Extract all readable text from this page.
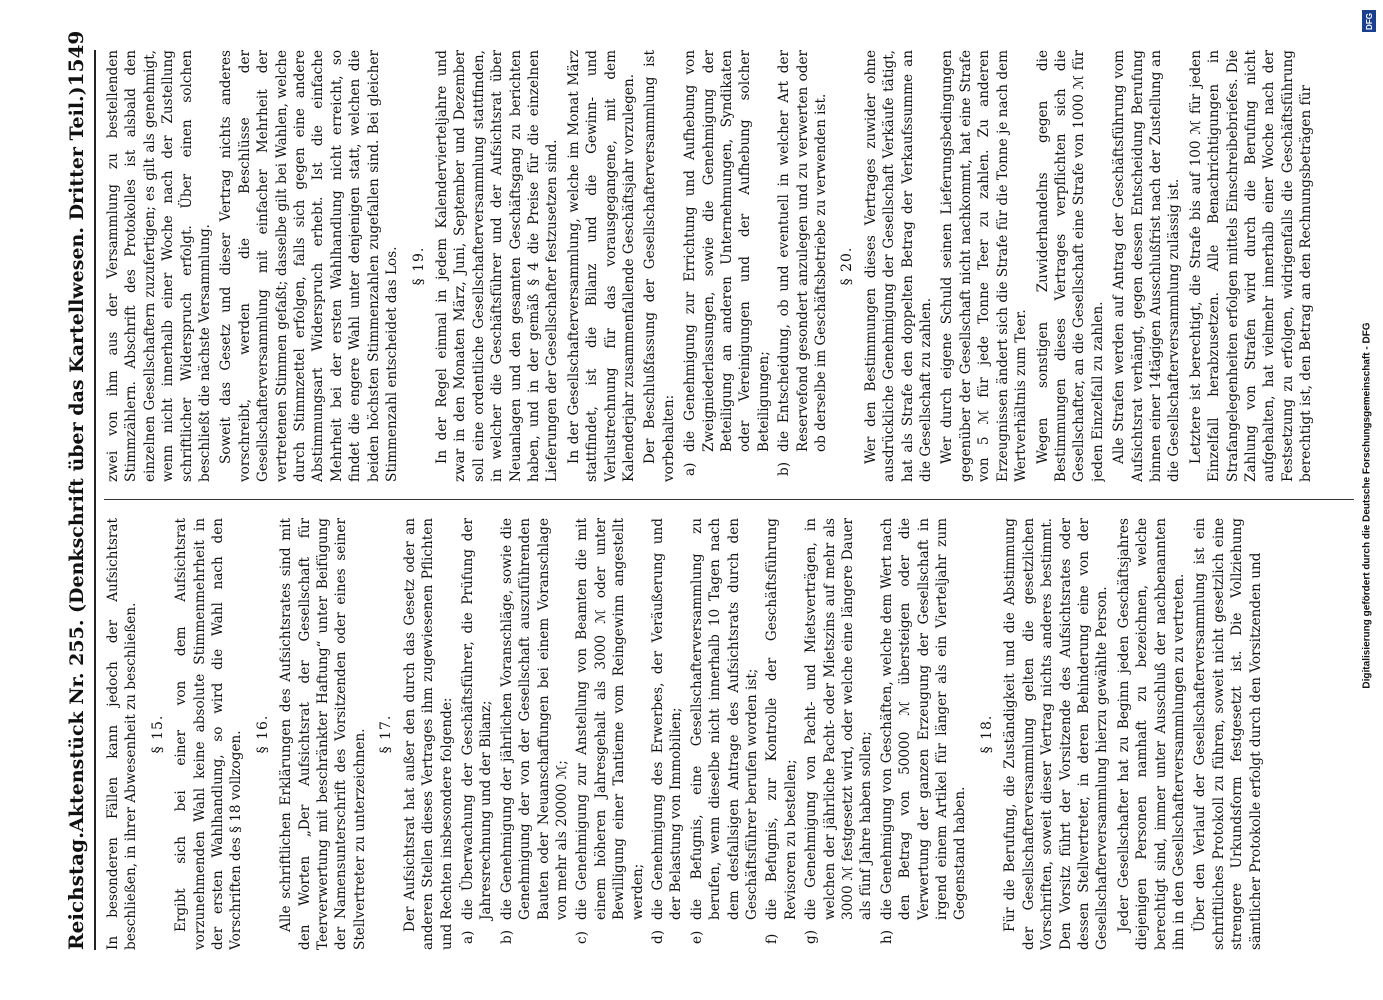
Reichstag.
Aktenstück Nr. 255. (Denkschrift über das Kartellwesen. Dritter Teil.)
1549

In besonderen Fällen kann jedoch der Aufsichtsrat beschließen, in ihrer Abwesenheit zu beschließen. § 15. Ergibt sich bei einer von dem Aufsichtsrat vorzunehmenden Wahl keine absolute Stimmenmehrheit in der ersten Wahlhandlung, so wird die Wahl nach den Vorschriften des § 18 vollzogen. § 16. Alle schriftlichen Erklärungen des Aufsichtsrates sind mit den Worten „Der Aufsichtsrat der Gesellschaft für Teerverwertung mit beschränkter Haftung“ unter Beifügung der Namensunterschrift des Vorsitzenden oder eines seiner Stellvertreter zu unterzeichnen. § 17. Der Aufsichtsrat hat außer den durch das Gesetz oder an anderen Stellen dieses Vertrages ihm zugewiesenen Pflichten und Rechten insbesondere folgende: a)
die Überwachung der Geschäftsführer, die Prüfung der Jahresrechnung und der Bilanz;
b)
die Genehmigung der jährlichen Voranschläge, sowie die Genehmigung der von der Gesellschaft auszuführenden Bauten oder Neuanschaffungen bei einem Voranschlage von mehr als 20000 ℳ;
c)
die Genehmigung zur Anstellung von Beamten die mit einem höheren Jahresgehalt als 3000 ℳ oder unter Bewilligung einer Tantieme vom Reingewinn angestellt werden;
d)
die Genehmigung des Erwerbes, der Veräußerung und der Belastung von Immobilien;
e)
die Befugnis, eine Gesellschafterversammlung zu berufen, wenn dieselbe nicht innerhalb 10 Tagen nach dem desfallsigen Antrage des Aufsichtsrats durch den Geschäftsführer berufen worden ist;
f)
die Befugnis, zur Kontrolle der Geschäftsführung Revisoren zu bestellen;
g)
die Genehmigung von Pacht- und Mietsverträgen, in welchen der jährliche Pacht- oder Mietszins auf mehr als 3000 ℳ festgesetzt wird, oder welche eine längere Dauer als fünf Jahre haben sollen;
h)
die Genehmigung von Geschäften, welche dem Wert nach den Betrag von 50000 ℳ übersteigen oder die Verwertung der ganzen Erzeugung der Gesellschaft in irgend einem Artikel für länger als ein Vierteljahr zum Gegenstand haben.
§ 18. Für die Berufung, die Zuständigkeit und die Abstimmung der Gesellschafterversammlung gelten die gesetzlichen Vorschriften, soweit dieser Vertrag nichts anderes bestimmt. Den Vorsitz führt der Vorsitzende des Aufsichtsrates oder dessen Stellvertreter, in deren Behinderung eine von der Gesellschafterversammlung hierzu gewählte Person. Jeder Gesellschafter hat zu Beginn jeden Geschäftsjahres diejenigen Personen namhaft zu bezeichnen, welche berechtigt sind, immer unter Ausschluß der nachbenannten ihn in den Gesellschafterversammlungen zu vertreten. Über den Verlauf der Gesellschafterversammlung ist ein schriftliches Protokoll zu führen, soweit nicht gesetzlich eine strengere Urkundsform festgesetzt ist. Die Vollziehung sämtlicher Protokolle erfolgt durch den Vorsitzenden und

zwei von ihm aus der Versammlung zu bestellenden Stimmzählern. Abschrift des Protokolles ist alsbald den einzelnen Gesellschaftern zuzufertigen; es gilt als genehmigt, wenn nicht innerhalb einer Woche nach der Zustellung schriftlicher Widerspruch erfolgt. Über einen solchen beschließt die nächste Versammlung. Soweit das Gesetz und dieser Vertrag nichts anderes vorschreibt, werden die Beschlüsse der Gesellschafterversammlung mit einfacher Mehrheit der vertretenen Stimmen gefaßt; dasselbe gilt bei Wahlen, welche durch Stimmzettel erfolgen, falls sich gegen eine andere Abstimmungsart Widerspruch erhebt. Ist die einfache Mehrheit bei der ersten Wahlhandlung nicht erreicht, so findet die engere Wahl unter denjenigen statt, welchen die beiden höchsten Stimmenzahlen zugefallen sind. Bei gleicher Stimmenzahl entscheidet das Los. § 19. In der Regel einmal in jedem Kalendervierteljahre und zwar in den Monaten März, Juni, September und Dezember soll eine ordentliche Gesellschafterversammlung stattfinden, in welcher die Geschäftsführer und der Aufsichtsrat über Neuanlagen und den gesamten Geschäftsgang zu berichten haben, und in der gemäß § 4 die Preise für die einzelnen Lieferungen der Gesellschafter festzusetzen sind. In der Gesellschafterversammlung, welche im Monat März stattfindet, ist die Bilanz und die Gewinn- und Verlustrechnung für das vorausgegangene, mit dem Kalenderjahr zusammenfallende Geschäftsjahr vorzulegen. Der Beschlußfassung der Gesellschafterversammlung ist vorbehalten: a)
die Genehmigung zur Errichtung und Aufhebung von Zweigniederlassungen, sowie die Genehmigung der Beteiligung an anderen Unternehmungen, Syndikaten oder Vereinigungen und der Aufhebung solcher Beteiligungen;
b)
die Entscheidung, ob und eventuell in welcher Art der Reservefond gesondert anzulegen und zu verwerten oder ob derselbe im Geschäftsbetriebe zu verwenden ist. § 20. Wer den Bestimmungen dieses Vertrages zuwider ohne ausdrückliche Genehmigung der Gesellschaft Verkäufe tätigt, hat als Strafe den doppelten Betrag der Verkaufssumme an die Gesellschaft zu zahlen. Wer durch eigene Schuld seinen Lieferungsbedingungen gegenüber der Gesellschaft nicht nachkommt, hat eine Strafe von 5 ℳ für jede Tonne Teer zu zahlen. Zu anderen Erzeugnissen ändert sich die Strafe für die Tonne je nach dem Wertverhältnis zum Teer. Wegen sonstigen Zuwiderhandelns gegen die Bestimmungen dieses Vertrages verpflichten sich die Gesellschafter, an die Gesellschaft eine Strafe von 1000 ℳ für jeden Einzelfall zu zahlen. Alle Strafen werden auf Antrag der Geschäftsführung vom Aufsichtsrat verhängt, gegen dessen Entscheidung Berufung binnen einer 14tägigen Ausschlußfrist nach der Zustellung an die Gesellschafterversammlung zulässig ist. Letztere ist berechtigt, die Strafe bis auf 100 ℳ für jeden Einzelfall herabzusetzen. Alle Benachrichtigungen in Strafangelegenheiten erfolgen mittels Einschreibebriefes. Die Zahlung von Strafen wird durch die Berufung nicht aufgehalten, hat vielmehr innerhalb einer Woche nach der Festsetzung zu erfolgen, widrigenfalls die Geschäftsführung berechtigt ist, den Betrag an den Rechnungsbeträgen für

DFG
Digitalisierung gefördert durch die Deutsche Forschungsgemeinschaft - DFG
